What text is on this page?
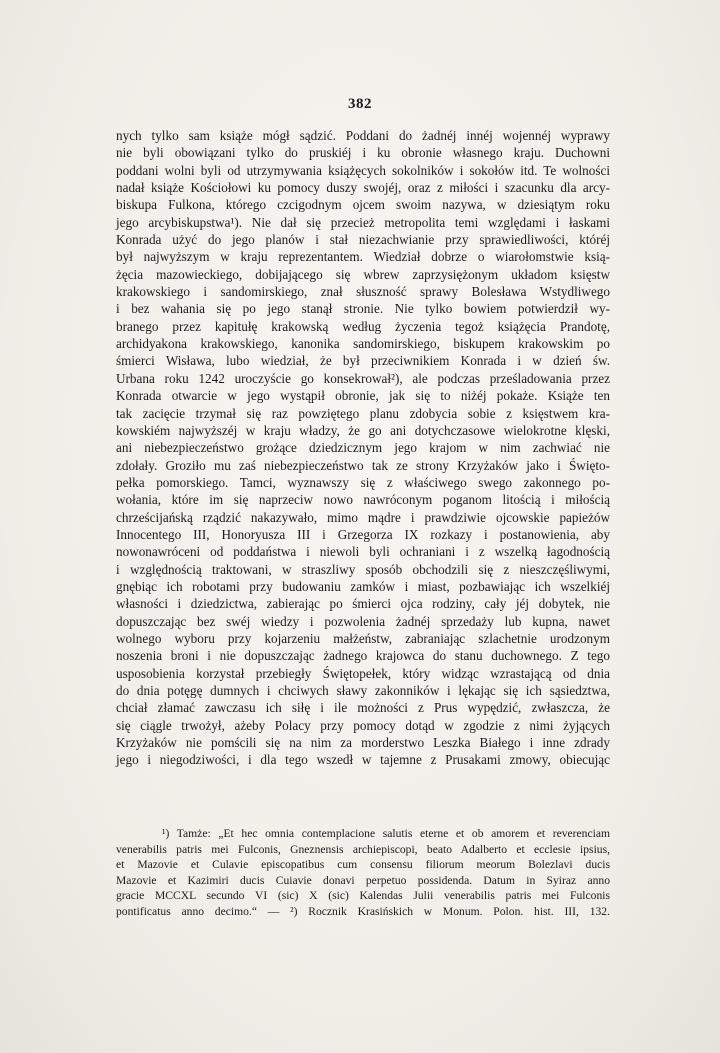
382
nych tylko sam książe mógł sądzić. Poddani do żadnéj innéj wojennéj wyprawy
nie byli obowiązani tylko do pruskiéj i ku obronie własnego kraju. Duchowni
poddani wolni byli od utrzymywania książęcych sokolników i sokołów itd. Te wolności
nadał książe Kościołowi ku pomocy duszy swojéj, oraz z miłości i szacunku dla arcy-
biskupa Fulkona, którego czcigodnym ojcem swoim nazywa, w dziesiątym roku
jego arcybiskupstwa¹). Nie dał się przecież metropolita temi względami i łaskami
Konrada użyć do jego planów i stał niezachwianie przy sprawiedliwości, któréj
był najwyższym w kraju reprezentantem. Wiedział dobrze o wiarołomstwie ksią-
żęcia mazowieckiego, dobijającego się wbrew zaprzysiężonym układom księstw
krakowskiego i sandomirskiego, znał słuszność sprawy Bolesława Wstydliwego
i bez wahania się po jego stanął stronie. Nie tylko bowiem potwierdził wy-
branego przez kapitułę krakowską według życzenia tegoż książęcia Prandotę,
archidyakona krakowskiego, kanonika sandomirskiego, biskupem krakowskim po
śmierci Wisława, lubo wiedział, że był przeciwnikiem Konrada i w dzień św.
Urbana roku 1242 uroczyście go konsekrował²), ale podczas prześladowania przez
Konrada otwarcie w jego wystąpił obronie, jak się to niżéj pokaże. Książe ten
tak zacięcie trzymał się raz powziętego planu zdobycia sobie z księstwem kra-
kowskiém najwyższéj w kraju władzy, że go ani dotychczasowe wielokrotne klęski,
ani niebezpieczeństwo grożące dziedzicznym jego krajom w nim zachwiać nie
zdołały. Groziło mu zaś niebezpieczeństwo tak ze strony Krzyżaków jako i Święto-
pełka pomorskiego. Tamci, wyznawszy się z właściwego swego zakonnego po-
wołania, które im się naprzeciw nowo nawróconym poganom litością i miłością
chrześcijańską rządzić nakazywało, mimo mądre i prawdziwie ojcowskie papieżów
Innocentego III, Honoryusza III i Grzegorza IX rozkazy i postanowienia, aby
nowonawróceni od poddaństwa i niewoli byli ochraniani i z wszelką łagodnością
i względnością traktowani, w straszliwy sposób obchodzili się z nieszczęśliwymi,
gnębiąc ich robotami przy budowaniu zamków i miast, pozbawiając ich wszelkiéj
własności i dziedzictwa, zabierając po śmierci ojca rodziny, cały jéj dobytek, nie
dopuszczając bez swéj wiedzy i pozwolenia żadnéj sprzedaży lub kupna, nawet
wolnego wyboru przy kojarzeniu małżeństw, zabraniając szlachetnie urodzonym
noszenia broni i nie dopuszczając żadnego krajowca do stanu duchownego. Z tego
usposobienia korzystał przebiegły Świętopełek, który widząc wzrastającą od dnia
do dnia potęgę dumnych i chciwych sławy zakonników i lękając się ich sąsiedztwa,
chciał złamać zawczasu ich siłę i ile możności z Prus wypędzić, zwłaszcza, że
się ciągle trwożył, ażeby Polacy przy pomocy dotąd w zgodzie z nimi żyjących
Krzyżaków nie pomścili się na nim za morderstwo Leszka Białego i inne zdrady
jego i niegodziwości, i dla tego wszedł w tajemne z Prusakami zmowy, obiecując
¹) Tamże: „Et hec omnia contemplacione salutis eterne et ob amorem et reverenciam
venerabilis patris mei Fulconis, Gneznensis archiepiscopi, beato Adalberto et ecclesie ipsius,
et Mazovie et Culavie episcopatibus cum consensu filiorum meorum Bolezlavi ducis
Mazovie et Kazimiri ducis Cuiavie donavi perpetuo possidenda. Datum in Syiraz anno
gracie MCCXL secundo VI (sic) X (sic) Kalendas Julii venerabilis patris mei Fulconis
pontificatus anno decimo.“ — ²) Rocznik Krasińskich w Monum. Polon. hist. III, 132.
